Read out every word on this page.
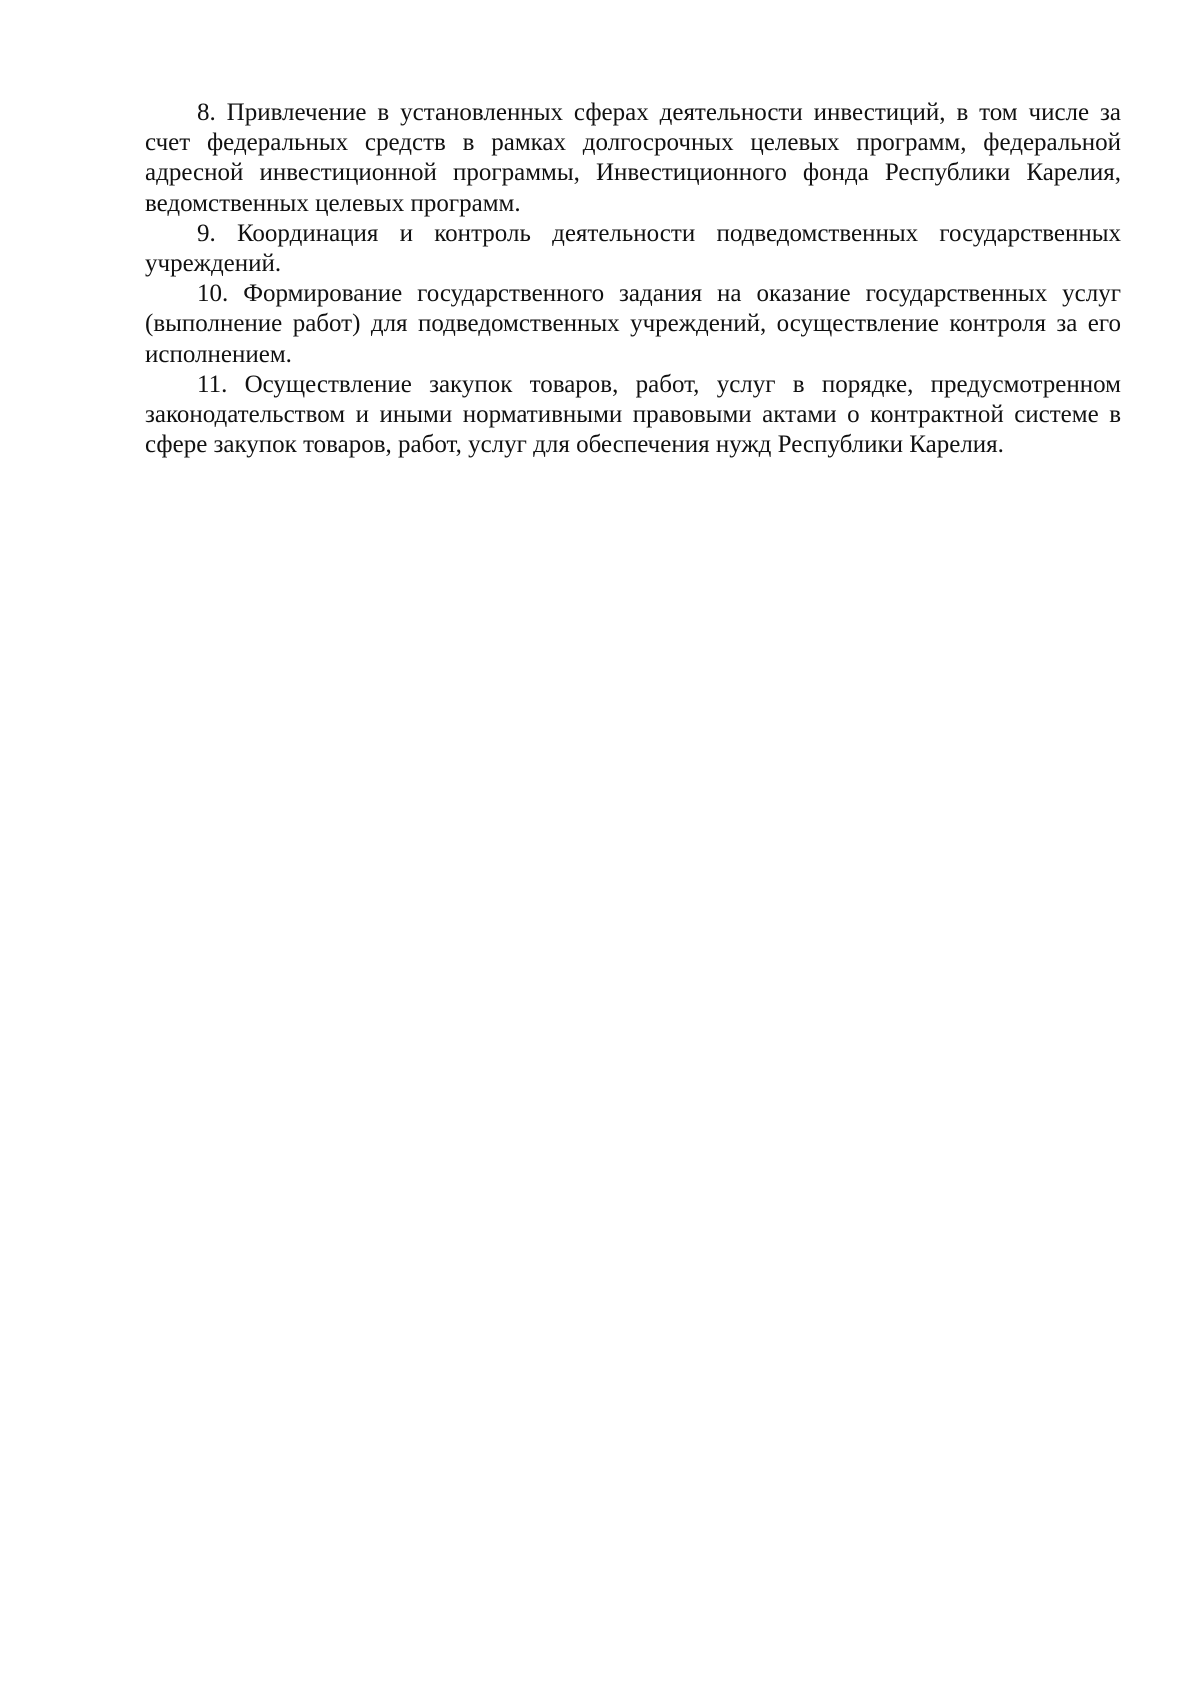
8. Привлечение в установленных сферах деятельности инвестиций, в том числе за счет федеральных средств в рамках долгосрочных целевых программ, федеральной адресной инвестиционной программы, Инвестиционного фонда Республики Карелия, ведомственных целевых программ.

9. Координация и контроль деятельности подведомственных государственных учреждений.

10. Формирование государственного задания на оказание государственных услуг (выполнение работ) для подведомственных учреждений, осуществление контроля за его исполнением.

11. Осуществление закупок товаров, работ, услуг в порядке, предусмотренном законодательством и иными нормативными правовыми актами о контрактной системе в сфере закупок товаров, работ, услуг для обеспечения нужд Республики Карелия.
